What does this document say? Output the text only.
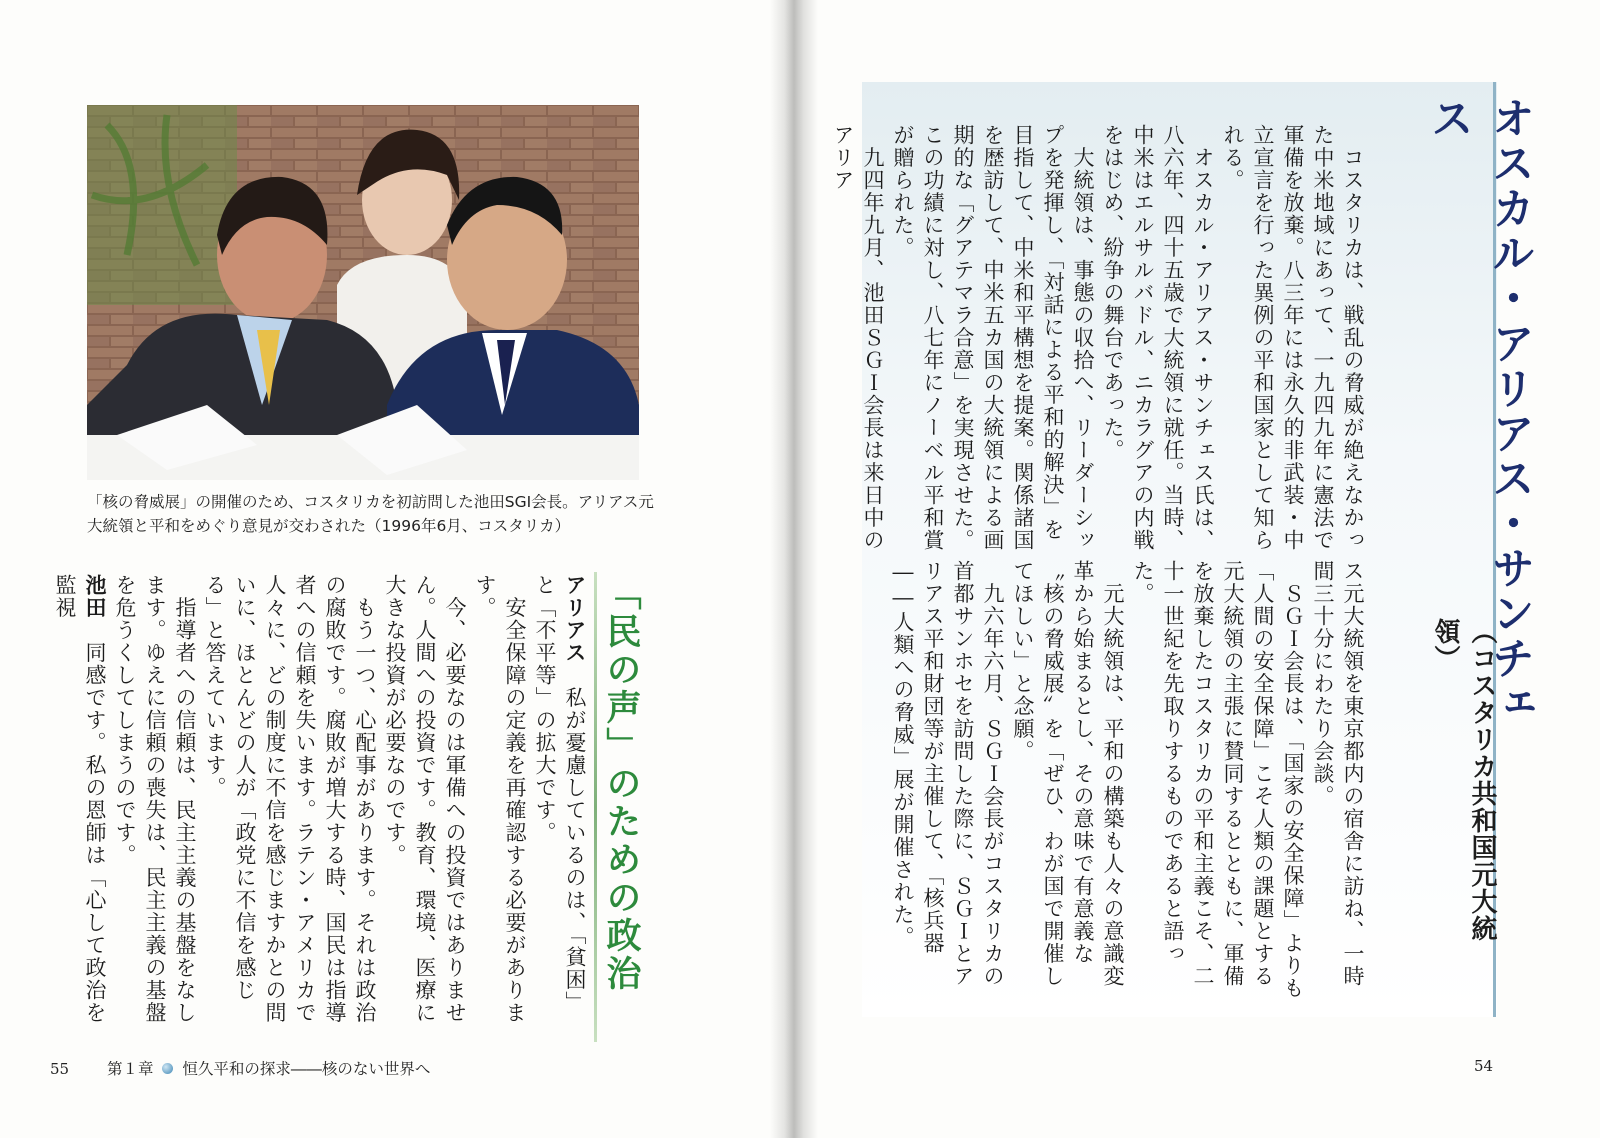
「核の脅威展」の開催のため、コスタリカを初訪問した池田SGI会長。アリアス元
大統領と平和をめぐり意見が交わされた（1996年6月、コスタリカ）
「民の声」のための政治
アリアス　私が憂慮しているのは、「貧困」と「不平等」の拡大です。
　安全保障の定義を再確認する必要があります。
　今、必要なのは軍備への投資ではありません。人間への投資です。教育、環境、医療に大きな投資が必要なのです。
　もう一つ、心配事があります。それは政治の腐敗です。腐敗が増大する時、国民は指導者への信頼を失います。ラテン・アメリカで人々に、どの制度に不信を感じますかとの問いに、ほとんどの人が「政党に不信を感じる」と答えています。
　指導者への信頼は、民主主義の基盤をなします。ゆえに信頼の喪失は、民主主義の基盤を危うくしてしまうのです。
池田　同感です。私の恩師は「心して政治を監視
55 第１章 恒久平和の探求――核のない世界へ
オスカル・アリアス・サンチェス
（コスタリカ共和国元大統領）
　コスタリカは、戦乱の脅威が絶えなかった中米地域にあって、一九四九年に憲法で軍備を放棄。八三年には永久的非武装・中立宣言を行った異例の平和国家として知られる。
　オスカル・アリアス・サンチェス氏は、八六年、四十五歳で大統領に就任。当時、中米はエルサルバドル、ニカラグアの内戦をはじめ、紛争の舞台であった。
　大統領は、事態の収拾へ、リーダーシップを発揮し、「対話による平和的解決」を目指して、中米和平構想を提案。関係諸国を歴訪して、中米五カ国の大統領による画期的な「グアテマラ合意」を実現させた。この功績に対し、八七年にノーベル平和賞が贈られた。
　九四年九月、池田ＳＧＩ会長は来日中のアリア
ス元大統領を東京都内の宿舎に訪ね、一時間三十分にわたり会談。
　ＳＧＩ会長は、「国家の安全保障」よりも「人間の安全保障」こそ人類の課題とする元大統領の主張に賛同するとともに、軍備を放棄したコスタリカの平和主義こそ、二十一世紀を先取りするものであると語った。
　元大統領は、平和の構築も人々の意識変革から始まるとし、その意味で有意義な〝核の脅威展〟を「ぜひ、わが国で開催してほしい」と念願。
　九六年六月、ＳＧＩ会長がコスタリカの首都サンホセを訪問した際に、ＳＧＩとアリアス平和財団等が主催して、「核兵器――人類への脅威」展が開催された。
54
